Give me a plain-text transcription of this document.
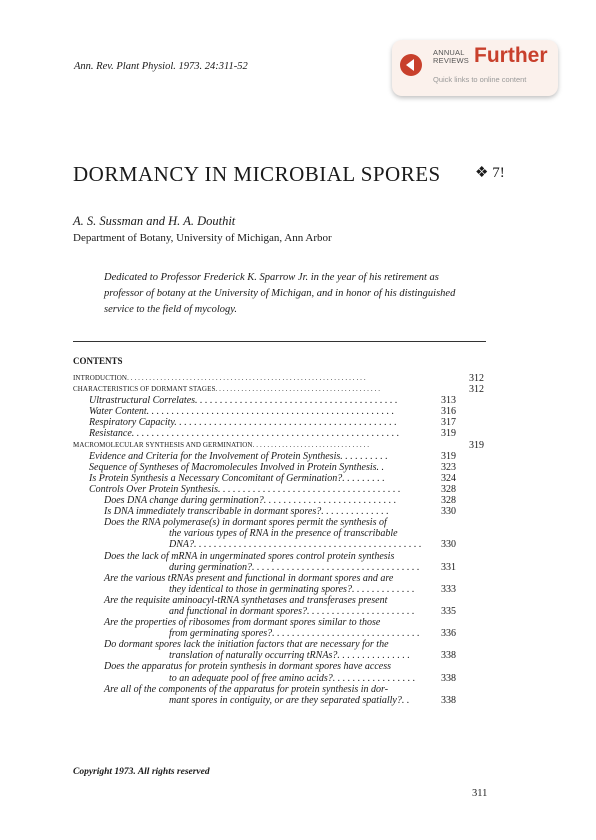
Ann. Rev. Plant Physiol. 1973. 24:311-52
ANNUAL
REVIEWS Further
Quick links to online content
DORMANCY IN MICROBIAL SPORES ❖ 7!
A. S. Sussman and H. A. Douthit
Department of Botany, University of Michigan, Ann Arbor
Dedicated to Professor Frederick K. Sparrow Jr. in the year of his retirement as professor of botany at the University of Michigan, and in honor of his distinguished service to the field of mycology.
CONTENTS
INTRODUCTION. . . . . . . . . . . . . . . . . . . . . . . . . . . . . . . . . . . . . . . . . . . . . . . . . . . . . . . . . . . . . . . . .	312
CHARACTERISTICS OF DORMANT STAGES. . . . . . . . . . . . . . . . . . . . . . . . . . . . . . . . . . . . . . . . . . . . .	312
Ultrastructural Correlates. . . . . . . . . . . . . . . . . . . . . . . . . . . . . . . . . . . . . . . . .	313
Water Content. . . . . . . . . . . . . . . . . . . . . . . . . . . . . . . . . . . . . . . . . . . . . . . . . .	316
Respiratory Capacity. . . . . . . . . . . . . . . . . . . . . . . . . . . . . . . . . . . . . . . . . . . . .	317
Resistance. . . . . . . . . . . . . . . . . . . . . . . . . . . . . . . . . . . . . . . . . . . . . . . . . . . . . .	319
MACROMOLECULAR SYNTHESIS AND GERMINATION. . . . . . . . . . . . . . . . . . . . . . . . . . . . . . . .	319
Evidence and Criteria for the Involvement of Protein Synthesis. . . . . . . . . .	319
Sequence of Syntheses of Macromolecules Involved in Protein Synthesis. .	323
Is Protein Synthesis a Necessary Concomitant of Germination?. . . . . . . . .	324
Controls Over Protein Synthesis. . . . . . . . . . . . . . . . . . . . . . . . . . . . . . . . . . . . .	328
Does DNA change during germination?. . . . . . . . . . . . . . . . . . . . . . . . . . .	328
Is DNA immediately transcribable in dormant spores?. . . . . . . . . . . . . .	330
Does the RNA polymerase(s) in dormant spores permit the synthesis of
the various types of RNA in the presence of transcribable
DNA?. . . . . . . . . . . . . . . . . . . . . . . . . . . . . . . . . . . . . . . . . . . . . . 330
Does the lack of mRNA in ungerminated spores control protein synthesis
during germination?. . . . . . . . . . . . . . . . . . . . . . . . . . . . . . . . . . 331
Are the various tRNAs present and functional in dormant spores and are
they identical to those in germinating spores?. . . . . . . . . . . . .	333
Are the requisite aminoacyl-tRNA synthetases and transferases present
and functional in dormant spores?. . . . . . . . . . . . . . . . . . . . . .	335
Are the properties of ribosomes from dormant spores similar to those
from germinating spores?. . . . . . . . . . . . . . . . . . . . . . . . . . . . . . 336
Do dormant spores lack the initiation factors that are necessary for the
translation of naturally occurring tRNAs?. . . . . . . . . . . . . . .	338
Does the apparatus for protein synthesis in dormant spores have access
to an adequate pool of free amino acids?. . . . . . . . . . . . . . . . .	338
Are all of the components of the apparatus for protein synthesis in dor-
mant spores in contiguity, or are they separated spatially?. .	338
Copyright 1973. All rights reserved
311
